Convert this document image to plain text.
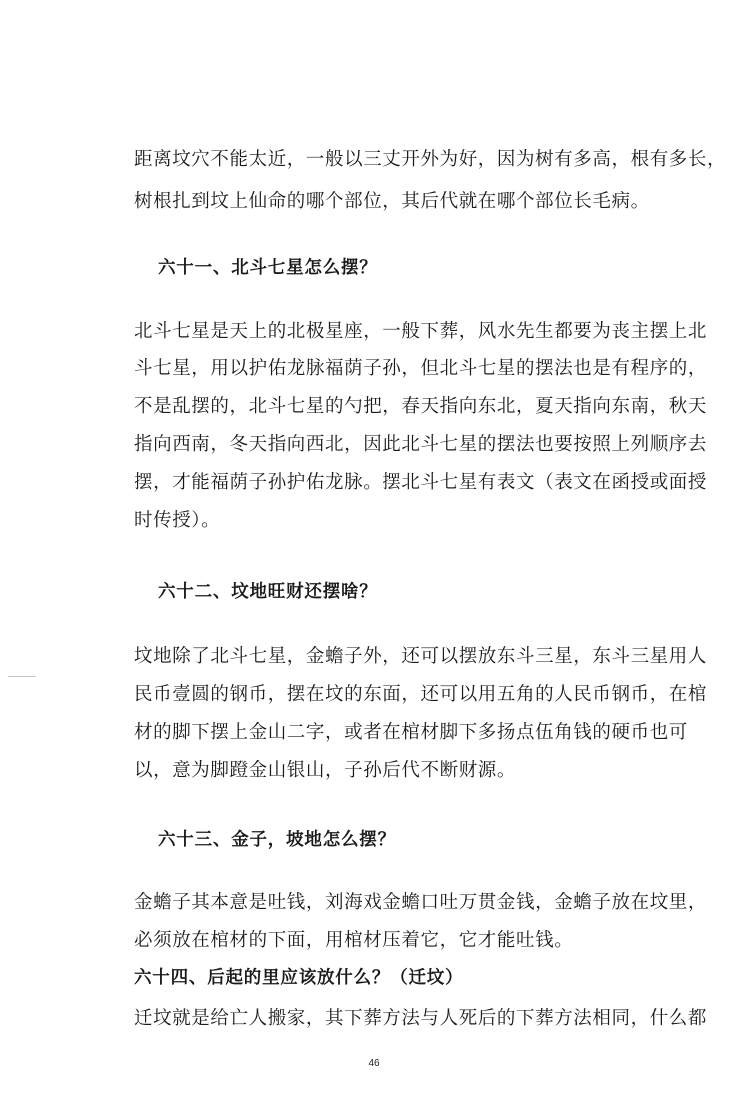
距离坟穴不能太近，一般以三丈开外为好，因为树有多高，根有多长，
树根扎到坟上仙命的哪个部位，其后代就在哪个部位长毛病。
六十一、北斗七星怎么摆？
北斗七星是天上的北极星座，一般下葬，风水先生都要为丧主摆上北
斗七星，用以护佑龙脉福荫子孙，但北斗七星的摆法也是有程序的，
不是乱摆的，北斗七星的勺把，春天指向东北，夏天指向东南，秋天
指向西南，冬天指向西北，因此北斗七星的摆法也要按照上列顺序去
摆，才能福荫子孙护佑龙脉。摆北斗七星有表文（表文在函授或面授
时传授）。
六十二、坟地旺财还摆啥？
坟地除了北斗七星，金蟾子外，还可以摆放东斗三星，东斗三星用人
民币壹圆的钢币，摆在坟的东面，还可以用五角的人民币钢币，在棺
材的脚下摆上金山二字，或者在棺材脚下多扬点伍角钱的硬币也可
以，意为脚蹬金山银山，子孙后代不断财源。
六十三、金子，坡地怎么摆？
金蟾子其本意是吐钱，刘海戏金蟾口吐万贯金钱，金蟾子放在坟里，
必须放在棺材的下面，用棺材压着它，它才能吐钱。
六十四、后起的里应该放什么？（迁坟）
迁坟就是给亡人搬家，其下葬方法与人死后的下葬方法相同，什么都
46
